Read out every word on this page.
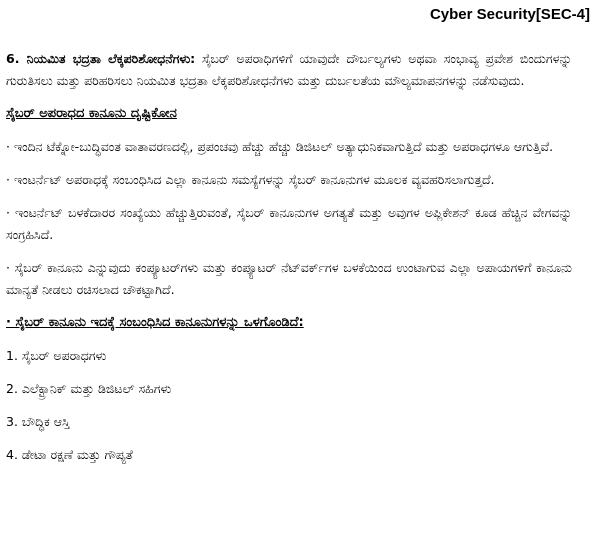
Cyber Security[SEC-4]

6. ನಿಯಮಿತ ಭದ್ರತಾ ಲೆಕ್ಕಪರಿಶೋಧನೆಗಳು: ಸೈಬರ್ ಅಪರಾಧಿಗಳಿಗೆ ಯಾವುದೇ ದೌರ್ಬಲ್ಯಗಳು ಅಥವಾ ಸಂಭಾವ್ಯ ಪ್ರವೇಶ ಬಿಂದುಗಳನ್ನು ಗುರುತಿಸಲು ಮತ್ತು ಪರಿಹರಿಸಲು ನಿಯಮಿತ ಭದ್ರತಾ ಲೆಕ್ಕಪರಿಶೋಧನೆಗಳು ಮತ್ತು ದುರ್ಬಲತೆಯ ಮೌಲ್ಯಮಾಪನಗಳನ್ನು ನಡೆಸುವುದು.

ಸೈಬರ್ ಅಪರಾಧದ ಕಾನೂನು ದೃಷ್ಟಿಕೋನ

· ಇಂದಿನ ಟೆಕ್ನೋ-ಬುದ್ಧಿವಂತ ವಾತಾವರಣದಲ್ಲಿ, ಪ್ರಪಂಚವು ಹೆಚ್ಚು ಹೆಚ್ಚು ಡಿಜಿಟಲ್ ಅತ್ಯಾಧುನಿಕವಾಗುತ್ತಿದೆ ಮತ್ತು ಅಪರಾಧಗಳೂ ಆಗುತ್ತಿವೆ.

· ಇಂಟರ್ನೆಟ್ ಅಪರಾಧಕ್ಕೆ ಸಂಬಂಧಿಸಿದ ಎಲ್ಲಾ ಕಾನೂನು ಸಮಸ್ಯೆಗಳನ್ನು ಸೈಬರ್ ಕಾನೂನುಗಳ ಮೂಲಕ ವ್ಯವಹರಿಸಲಾಗುತ್ತದೆ.

· ಇಂಟರ್ನೆಟ್ ಬಳಕೆದಾರರ ಸಂಖ್ಯೆಯು ಹೆಚ್ಚುತ್ತಿರುವಂತೆ, ಸೈಬರ್ ಕಾನೂನುಗಳ ಅಗತ್ಯತೆ ಮತ್ತು ಅವುಗಳ ಅಪ್ಲಿಕೇಶನ್ ಕೂಡ ಹೆಚ್ಚಿನ ವೇಗವನ್ನು ಸಂಗ್ರಹಿಸಿದೆ.

· ಸೈಬರ್ ಕಾನೂನು ಎನ್ನುವುದು ಕಂಪ್ಯೂಟರ್‌ಗಳು ಮತ್ತು ಕಂಪ್ಯೂಟರ್ ನೆಟ್‌ವರ್ಕ್‌ಗಳ ಬಳಕೆಯಿಂದ ಉಂಟಾಗುವ ಎಲ್ಲಾ ಅಪಾಯಗಳಿಗೆ ಕಾನೂನು ಮಾನ್ಯತೆ ನೀಡಲು ರಚಿಸಲಾದ ಚೌಕಟ್ಟಾಗಿದೆ.

· ಸೈಬರ್ ಕಾನೂನು ಇದಕ್ಕೆ ಸಂಬಂಧಿಸಿದ ಕಾನೂನುಗಳನ್ನು ಒಳಗೊಂಡಿದೆ:
1. ಸೈಬರ್ ಅಪರಾಧಗಳು
2. ಎಲೆಕ್ಟ್ರಾನಿಕ್ ಮತ್ತು ಡಿಜಿಟಲ್ ಸಹಿಗಳು
3. ಬೌದ್ಧಿಕ ಆಸ್ತಿ
4. ಡೇಟಾ ರಕ್ಷಣೆ ಮತ್ತು ಗೌಪ್ಯತೆ
